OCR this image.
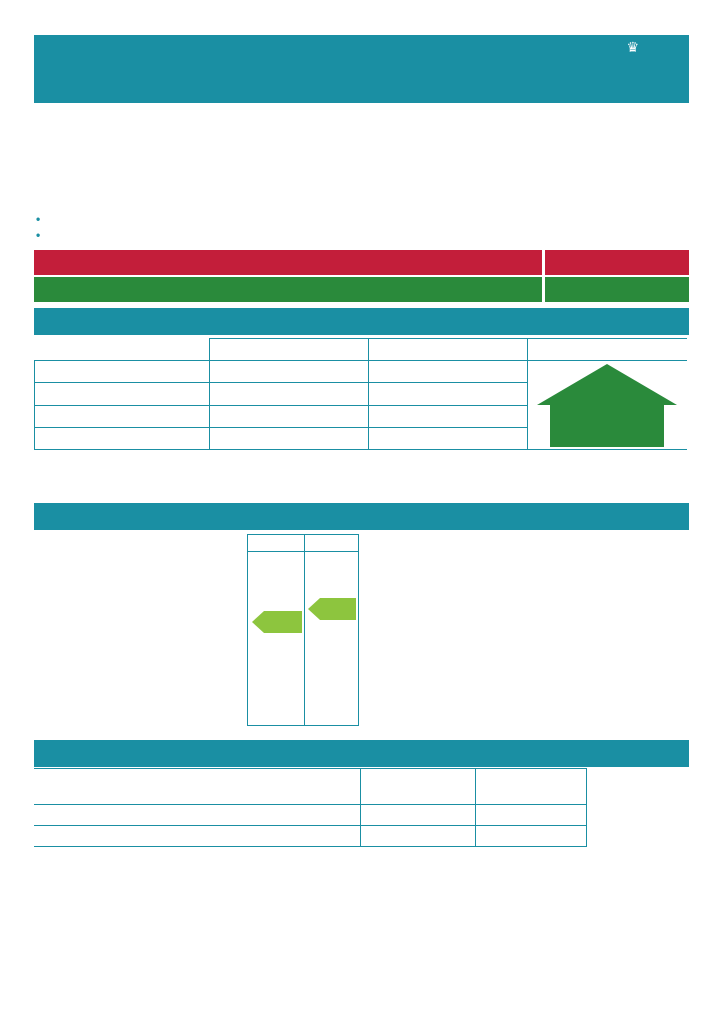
♛
•
•
